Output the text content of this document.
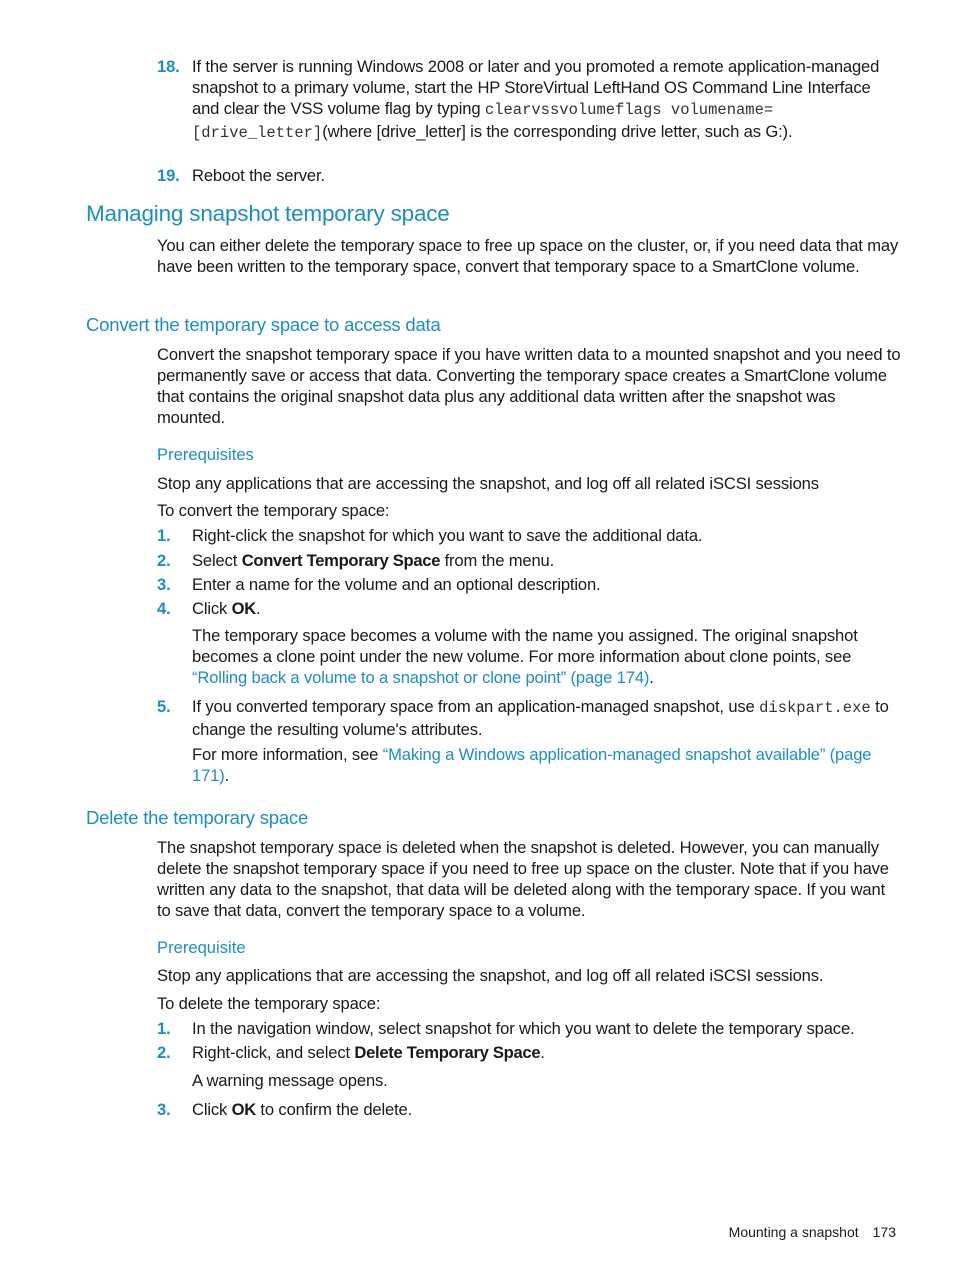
18. If the server is running Windows 2008 or later and you promoted a remote application-managed snapshot to a primary volume, start the HP StoreVirtual LeftHand OS Command Line Interface and clear the VSS volume flag by typing clearvssvolumeflags volumename=[drive_letter](where [drive_letter] is the corresponding drive letter, such as G:).

19. Reboot the server.

Managing snapshot temporary space

You can either delete the temporary space to free up space on the cluster, or, if you need data that may have been written to the temporary space, convert that temporary space to a SmartClone volume.

Convert the temporary space to access data

Convert the snapshot temporary space if you have written data to a mounted snapshot and you need to permanently save or access that data. Converting the temporary space creates a SmartClone volume that contains the original snapshot data plus any additional data written after the snapshot was mounted.

Prerequisites

Stop any applications that are accessing the snapshot, and log off all related iSCSI sessions

To convert the temporary space:

1.	Right-click the snapshot for which you want to save the additional data.

2.	Select Convert Temporary Space from the menu.

3.	Enter a name for the volume and an optional description.

4.	Click OK.

The temporary space becomes a volume with the name you assigned. The original snapshot becomes a clone point under the new volume. For more information about clone points, see “Rolling back a volume to a snapshot or clone point” (page 174).

5.	If you converted temporary space from an application-managed snapshot, use diskpart.exe to change the resulting volume's attributes.

For more information, see “Making a Windows application-managed snapshot available” (page 171).

Delete the temporary space

The snapshot temporary space is deleted when the snapshot is deleted. However, you can manually delete the snapshot temporary space if you need to free up space on the cluster. Note that if you have written any data to the snapshot, that data will be deleted along with the temporary space. If you want to save that data, convert the temporary space to a volume.

Prerequisite

Stop any applications that are accessing the snapshot, and log off all related iSCSI sessions.

To delete the temporary space:

1.	In the navigation window, select snapshot for which you want to delete the temporary space.

2.	Right-click, and select Delete Temporary Space.

A warning message opens.

3.	Click OK to confirm the delete.

Mounting a snapshot 173
